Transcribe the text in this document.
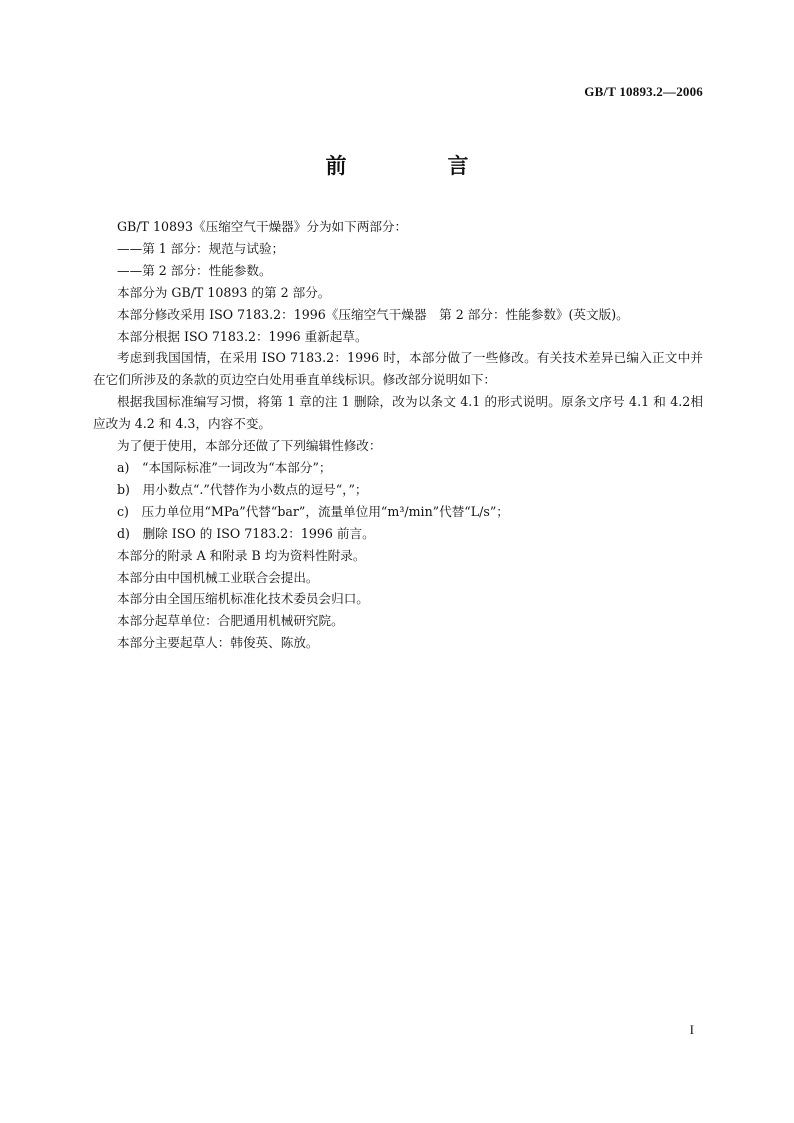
GB/T 10893.2—2006
前　言

GB/T 10893《压缩空气干燥器》分为如下两部分：

——第 1 部分：规范与试验；

——第 2 部分：性能参数。

本部分为 GB/T 10893 的第 2 部分。

本部分修改采用 ISO 7183.2：1996《压缩空气干燥器　第 2 部分：性能参数》(英文版)。

本部分根据 ISO 7183.2：1996 重新起草。

考虑到我国国情，在采用 ISO 7183.2：1996 时，本部分做了一些修改。有关技术差异已编入正文中并在它们所涉及的条款的页边空白处用垂直单线标识。修改部分说明如下：

根据我国标准编写习惯，将第 1 章的注 1 删除，改为以条文 4.1 的形式说明。原条文序号 4.1 和 4.2相应改为 4.2 和 4.3，内容不变。

为了便于使用，本部分还做了下列编辑性修改：

a)　“本国际标准”一词改为“本部分”；

b)　用小数点“.”代替作为小数点的逗号“，”；

c)　压力单位用“MPa”代替“bar”，流量单位用“m³/min”代替“L/s”；

d)　删除 ISO 的 ISO 7183.2：1996 前言。

本部分的附录 A 和附录 B 均为资料性附录。

本部分由中国机械工业联合会提出。

本部分由全国压缩机标准化技术委员会归口。

本部分起草单位：合肥通用机械研究院。

本部分主要起草人：韩俊英、陈放。

I
